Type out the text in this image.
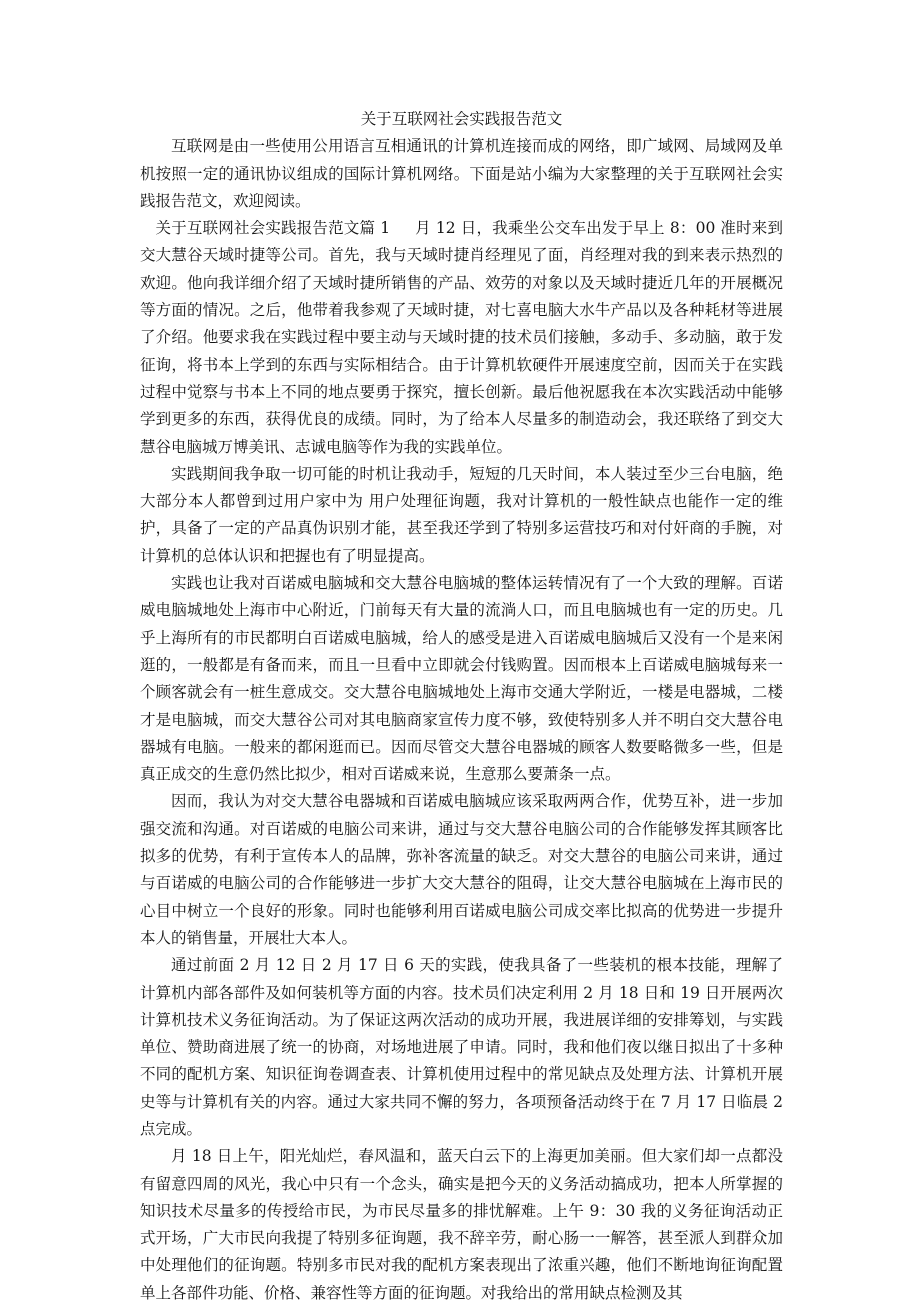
关于互联网社会实践报告范文

互联网是由一些使用公用语言互相通讯的计算机连接而成的网络，即广域网、局域网及单机按照一定的通讯协议组成的国际计算机网络。下面是站小编为大家整理的关于互联网社会实践报告范文，欢迎阅读。

关于互联网社会实践报告范文篇 1 月 12 日，我乘坐公交车出发于早上 8：00 准时来到交大慧谷天域时捷等公司。首先，我与天域时捷肖经理见了面，肖经理对我的到来表示热烈的欢迎。他向我详细介绍了天域时捷所销售的产品、效劳的对象以及天域时捷近几年的开展概况等方面的情况。之后，他带着我参观了天域时捷，对七喜电脑大水牛产品以及各种耗材等进展了介绍。他要求我在实践过程中要主动与天域时捷的技术员们接触，多动手、多动脑，敢于发征询，将书本上学到的东西与实际相结合。由于计算机软硬件开展速度空前，因而关于在实践过程中觉察与书本上不同的地点要勇于探究，擅长创新。最后他祝愿我在本次实践活动中能够学到更多的东西，获得优良的成绩。同时，为了给本人尽量多的制造动会，我还联络了到交大慧谷电脑城万博美讯、志诚电脑等作为我的实践单位。

实践期间我争取一切可能的时机让我动手，短短的几天时间，本人装过至少三台电脑，绝大部分本人都曾到过用户家中为 用户处理征询题，我对计算机的一般性缺点也能作一定的维护，具备了一定的产品真伪识别才能，甚至我还学到了特别多运营技巧和对付奸商的手腕，对计算机的总体认识和把握也有了明显提高。

实践也让我对百诺威电脑城和交大慧谷电脑城的整体运转情况有了一个大致的理解。百诺威电脑城地处上海市中心附近，门前每天有大量的流淌人口，而且电脑城也有一定的历史。几乎上海所有的市民都明白百诺威电脑城，给人的感受是进入百诺威电脑城后又没有一个是来闲逛的，一般都是有备而来，而且一旦看中立即就会付钱购置。因而根本上百诺威电脑城每来一个顾客就会有一桩生意成交。交大慧谷电脑城地处上海市交通大学附近，一楼是电器城，二楼才是电脑城，而交大慧谷公司对其电脑商家宣传力度不够，致使特别多人并不明白交大慧谷电器城有电脑。一般来的都闲逛而已。因而尽管交大慧谷电器城的顾客人数要略微多一些，但是真正成交的生意仍然比拟少，相对百诺威来说，生意那么要萧条一点。

因而，我认为对交大慧谷电器城和百诺威电脑城应该采取两两合作，优势互补，进一步加强交流和沟通。对百诺威的电脑公司来讲，通过与交大慧谷电脑公司的合作能够发挥其顾客比拟多的优势，有利于宣传本人的品牌，弥补客流量的缺乏。对交大慧谷的电脑公司来讲，通过与百诺威的电脑公司的合作能够进一步扩大交大慧谷的阻碍，让交大慧谷电脑城在上海市民的心目中树立一个良好的形象。同时也能够利用百诺威电脑公司成交率比拟高的优势进一步提升本人的销售量，开展壮大本人。

通过前面 2 月 12 日 2 月 17 日 6 天的实践，使我具备了一些装机的根本技能，理解了计算机内部各部件及如何装机等方面的内容。技术员们决定利用 2 月 18 日和 19 日开展两次计算机技术义务征询活动。为了保证这两次活动的成功开展，我进展详细的安排筹划，与实践单位、赞助商进展了统一的协商，对场地进展了申请。同时，我和他们夜以继日拟出了十多种不同的配机方案、知识征询卷调查表、计算机使用过程中的常见缺点及处理方法、计算机开展史等与计算机有关的内容。通过大家共同不懈的努力，各项预备活动终于在 7 月 17 日临晨 2 点完成。

月 18 日上午，阳光灿烂，春风温和，蓝天白云下的上海更加美丽。但大家们却一点都没有留意四周的风光，我心中只有一个念头，确实是把今天的义务活动搞成功，把本人所掌握的知识技术尽量多的传授给市民，为市民尽量多的排忧解难。上午 9：30 我的义务征询活动正式开场，广大市民向我提了特别多征询题，我不辞辛劳，耐心肠一一解答，甚至派人到群众加中处理他们的征询题。特别多市民对我的配机方案表现出了浓重兴趣，他们不断地询征询配置单上各部件功能、价格、兼容性等方面的征询题。对我给出的常用缺点检测及其
